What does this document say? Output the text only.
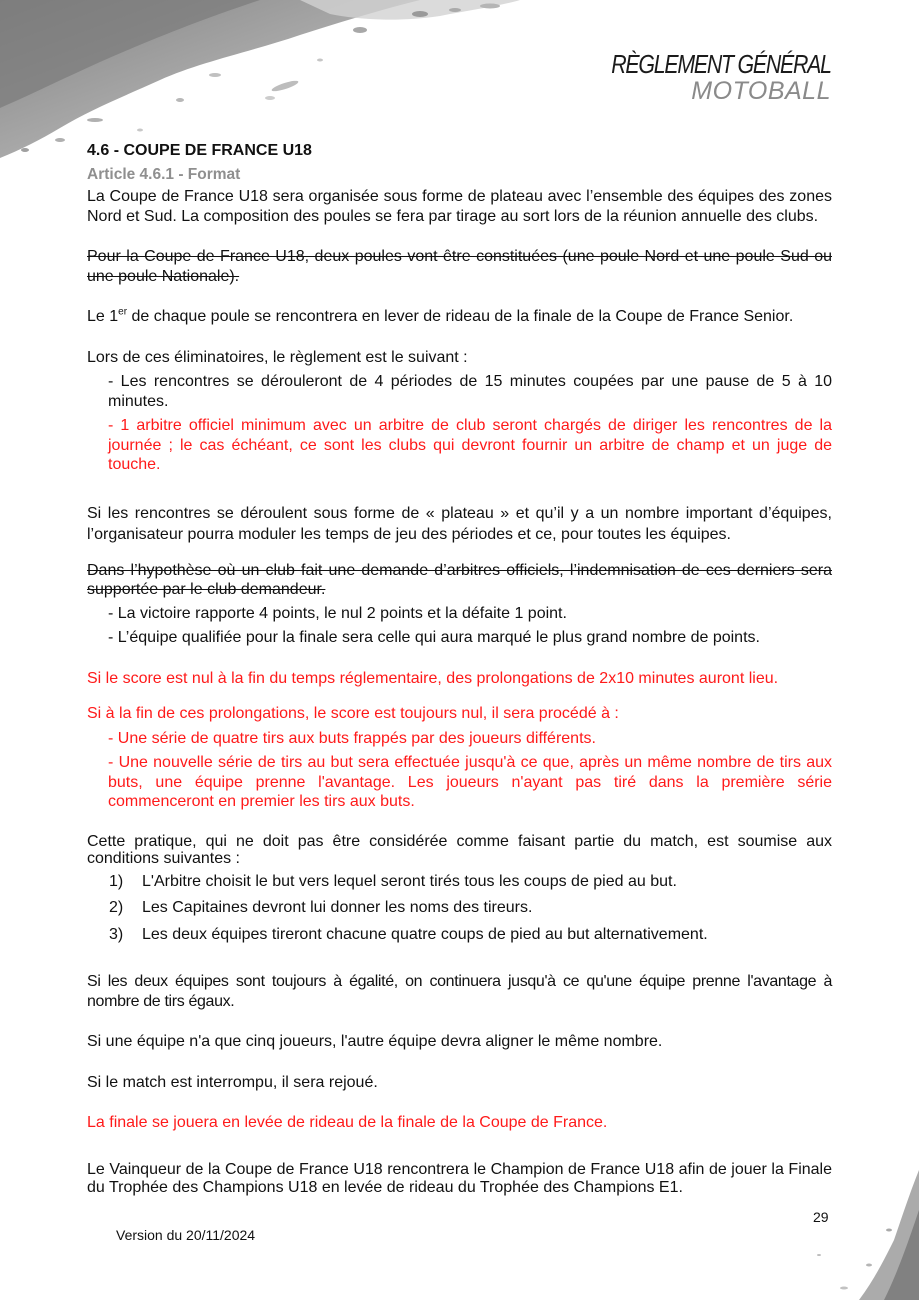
RÈGLEMENT GÉNÉRAL
MOTOBALL

4.6 - COUPE DE FRANCE U18

Article 4.6.1 - Format

La Coupe de France U18 sera organisée sous forme de plateau avec l’ensemble des équipes des zones Nord et Sud. La composition des poules se fera par tirage au sort lors de la réunion annuelle des clubs.

Pour la Coupe de France U18, deux poules vont être constituées (une poule Nord et une poule Sud ou une poule Nationale).

Le 1er de chaque poule se rencontrera en lever de rideau de la finale de la Coupe de France Senior.

Lors de ces éliminatoires, le règlement est le suivant :

- Les rencontres se dérouleront de 4 périodes de 15 minutes coupées par une pause de 5 à 10 minutes.

- 1 arbitre officiel minimum avec un arbitre de club seront chargés de diriger les rencontres de la journée ; le cas échéant, ce sont les clubs qui devront fournir un arbitre de champ et un juge de touche.

Si les rencontres se déroulent sous forme de « plateau » et qu’il y a un nombre important d’équipes, l’organisateur pourra moduler les temps de jeu des périodes et ce, pour toutes les équipes.

Dans l’hypothèse où un club fait une demande d’arbitres officiels, l’indemnisation de ces derniers sera supportée par le club demandeur.

- La victoire rapporte 4 points, le nul 2 points et la défaite 1 point.

- L’équipe qualifiée pour la finale sera celle qui aura marqué le plus grand nombre de points.

Si le score est nul à la fin du temps réglementaire, des prolongations de 2x10 minutes auront lieu.

Si à la fin de ces prolongations, le score est toujours nul, il sera procédé à :

- Une série de quatre tirs aux buts frappés par des joueurs différents.

- Une nouvelle série de tirs au but sera effectuée jusqu'à ce que, après un même nombre de tirs aux buts, une équipe prenne l'avantage. Les joueurs n'ayant pas tiré dans la première série commenceront en premier les tirs aux buts.

Cette pratique, qui ne doit pas être considérée comme faisant partie du match, est soumise aux conditions suivantes :

1)	L'Arbitre choisit le but vers lequel seront tirés tous les coups de pied au but.
2)	Les Capitaines devront lui donner les noms des tireurs.
3)	Les deux équipes tireront chacune quatre coups de pied au but alternativement.

Si les deux équipes sont toujours à égalité, on continuera jusqu'à ce qu'une équipe prenne l'avantage à nombre de tirs égaux.

Si une équipe n'a que cinq joueurs, l'autre équipe devra aligner le même nombre.

Si le match est interrompu, il sera rejoué.

La finale se jouera en levée de rideau de la finale de la Coupe de France.

Le Vainqueur de la Coupe de France U18 rencontrera le Champion de France U18 afin de jouer la Finale du Trophée des Champions U18 en levée de rideau du Trophée des Champions E1.

Version du 20/11/2024
29
